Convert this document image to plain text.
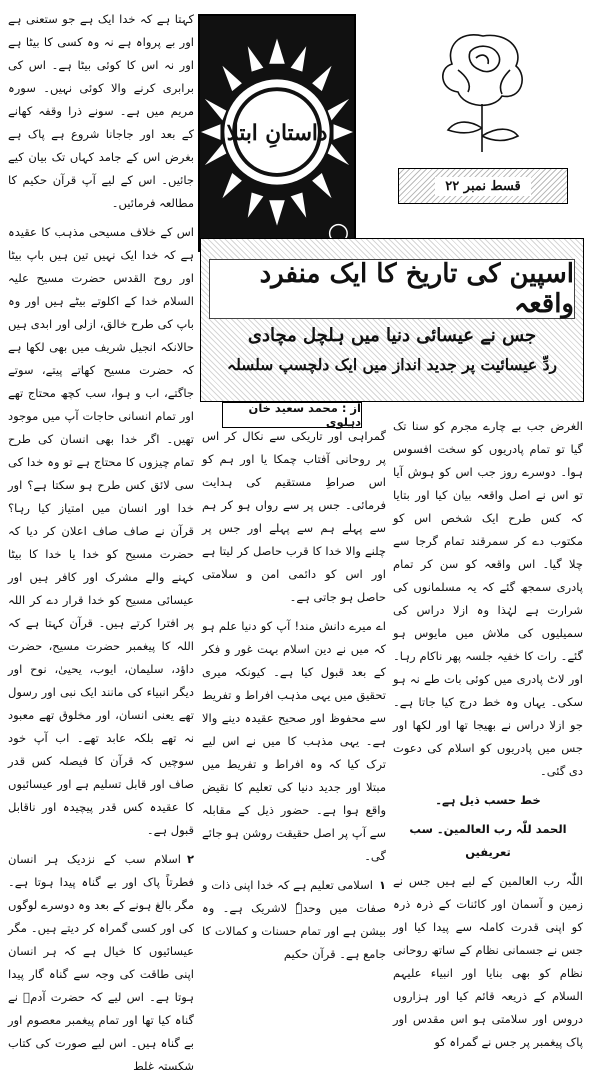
کہتا ہے کہ خدا ایک ہے جو ستعنی ہے اور بے پرواہ ہے نہ وہ کسی کا بیٹا ہے اور نہ اس کا کوئی بیٹا ہے۔ اس کی برابری کرنے والا کوئی نہیں۔ سورہ مریم میں ہے۔ سونے ذرا وقفہ کھانے کے بعد اور جاجانا شروع ہے پاک ہے بغرض اس کے جامد کہاں تک بیان کیے جائیں۔ اس کے لیے آپ قرآن حکیم کا مطالعہ فرمائیں۔

اس کے خلاف مسیحی مذہب کا عقیدہ ہے کہ خدا ایک نہیں تین ہیں باپ بیٹا اور روح القدس حضرت مسیح علیہ السلام خدا کے اکلوتے بیٹے ہیں اور وہ باپ کی طرح خالق، ازلی اور ابدی ہیں حالانکہ انجیل شریف میں بھی لکھا ہے کہ حضرت مسیح کھاتے پیتے، سوتے جاگتے، اب و ہوا، سب کچھ محتاج تھے اور تمام انسانی حاجات آپ میں موجود تھیں۔ اگر خدا بھی انسان کی طرح تمام چیزوں کا محتاج ہے تو وہ خدا کی سی لائق کس طرح ہو سکتا ہے؟ اور خدا اور انسان میں امتیاز کیا رہا؟ قرآن نے صاف صاف اعلان کر دیا کہ حضرت مسیح کو خدا یا خدا کا بیٹا کہنے والے مشرک اور کافر ہیں اور عیسائی مسیح کو خدا قرار دے کر اللہ پر افترا کرتے ہیں۔ قرآن کہتا ہے کہ اللہ کا پیغمبر حضرت مسیح، حضرت داؤد، سلیمان، ایوب، یحییٰ، نوح اور دیگر انبیاء کی مانند ایک نبی اور رسول تھے یعنی انسان، اور مخلوق تھے معبود نہ تھے بلکہ عابد تھے۔ اب آپ خود سوچیں کہ قرآن کا فیصلہ کس قدر صاف اور قابل تسلیم ہے اور عیسائیوں کا عقیدہ کس قدر پیچیدہ اور ناقابل قبول ہے۔

٢اسلام سب کے نزدیک ہر انسان فطرتاً پاک اور بے گناہ پیدا ہوتا ہے۔ مگر بالغ ہونے کے بعد وہ دوسرے لوگوں کی اور کسی گمراہ کر دیتے ہیں۔ مگر عیسائیوں کا خیال ہے کہ ہر انسان اپنی طاقت کی وجہ سے گناہ گار پیدا ہوتا ہے۔ اس لیے کہ حضرت آدمؑ نے گناہ کیا تھا اور تمام پیغمبر معصوم اور بے گناہ ہیں۔ اس لیے صورت کی کتاب شکستہ غلط

داستانِ ابتلا
قسط نمبر ٢٢
اسپین کی تاریخ کا ایک منفرد واقعہ
جس نے عیسائی دنیا میں ہلچل مچادی
ردِّ عیسائیت پر جدید انداز میں ایک دلچسپ سلسلہ
از : محمد سعید خان دہلوی

گمراہی اور تاریکی سے نکال کر اس پر روحانی آفتاب چمکا یا اور ہم کو اس صراطِ مستقیم کی ہدایت فرمائی۔ جس پر سے رواں ہو کر ہم سے پہلے ہم سے پہلے اور جس پر چلنے والا خدا کا قرب حاصل کر لیتا ہے اور اس کو دائمی امن و سلامتی حاصل ہو جاتی ہے۔

اے میرے دانش مند! آپ کو دنیا علم ہو کہ میں نے دین اسلام بہت غور و فکر کے بعد قبول کیا ہے۔ کیونکہ میری تحقیق میں یہی مذہب افراط و تفریط سے محفوظ اور صحیح عقیدہ دینے والا ہے۔ یہی مذہب کا میں نے اس لیے ترک کیا کہ وہ افراط و تفریط میں مبتلا اور جدید دنیا کی تعلیم کا نقیض واقع ہوا ہے۔ حضور ذیل کے مقابلہ سے آپ پر اصل حقیقت روشن ہو جائے گی۔

١اسلامی تعلیم ہے کہ خدا اپنی ذات و صفات میں وحدہٗ لاشریک ہے۔ وہ بیشن ہے اور تمام حسنات و کمالات کا جامع ہے۔ قرآن حکیم

الغرض جب بے چارے مجرم کو سنا تک گیا تو تمام پادریوں کو سخت افسوس ہوا۔ دوسرے روز جب اس کو ہوش آیا تو اس نے اصل واقعہ بیان کیا اور بتایا کہ کس طرح ایک شخص اس کو مکتوب دے کر سمرقند تمام گرجا سے چلا گیا۔ اس واقعہ کو سن کر تمام پادری سمجھ گئے کہ یہ مسلمانوں کی شرارت ہے لہٰذا وہ ازلا دراس کی سمیلیوں کی ملاش میں مایوس ہو گئے۔ رات کا خفیہ جلسہ پھر ناکام رہا۔ اور لاٹ پادری میں کوئی بات طے نہ ہو سکی۔ یہاں وہ خط درج کیا جاتا ہے۔ جو ازلا دراس نے بھیجا تھا اور لکھا اور جس میں پادریوں کو اسلام کی دعوت دی گئی۔

خط حسب ذیل ہے۔

الحمد للّٰہ رب العالمین۔ سب تعریفیں

اللّٰہ رب العالمین کے لیے ہیں جس نے زمین و آسمان اور کائنات کے ذرہ ذرہ کو اپنی قدرت کاملہ سے پیدا کیا اور جس نے جسمانی نظام کے ساتھ روحانی نظام کو بھی بنایا اور انبیاء علیہم السلام کے ذریعہ قائم کیا اور ہزاروں دروس اور سلامتی ہو اس مقدس اور پاک پیغمبر پر جس نے گمراہ کو
